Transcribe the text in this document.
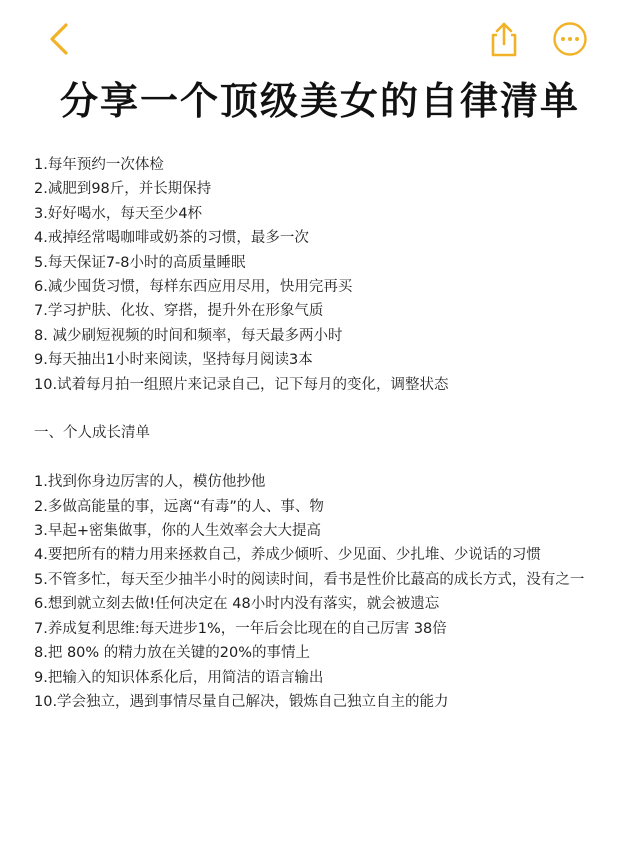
分享一个顶级美女的自律清单
1.每年预约一次体检
2.减肥到98斤，并长期保持
3.好好喝水，每天至少4杯
4.戒掉经常喝咖啡或奶茶的习惯，最多一次
5.每天保证7-8小时的高质量睡眠
6.减少囤货习惯，每样东西应用尽用，快用完再买
7.学习护肤、化妆、穿搭，提升外在形象气质
8. 减少刷短视频的时间和频率，每天最多两小时
9.每天抽出1小时来阅读，坚持每月阅读3本
10.试着每月拍一组照片来记录自己，记下每月的变化，调整状态
一、个人成长清单
1.找到你身边厉害的人，模仿他抄他
2.多做高能量的事，远离“有毒”的人、事、物
3.早起+密集做事，你的人生效率会大大提高
4.要把所有的精力用来拯救自己，养成少倾听、少见面、少扎堆、少说话的习惯
5.不管多忙，每天至少抽半小时的阅读时间，看书是性价比蕞高的成长方式，没有之一
6.想到就立刻去做!任何决定在 48小时内没有落实，就会被遗忘
7.养成复利思维:每天进步1%，一年后会比现在的自己厉害 38倍
8.把 80% 的精力放在关键的20%的事情上
9.把输入的知识体系化后，用简洁的语言输出
10.学会独立，遇到事情尽量自己解决，锻炼自己独立自主的能力
